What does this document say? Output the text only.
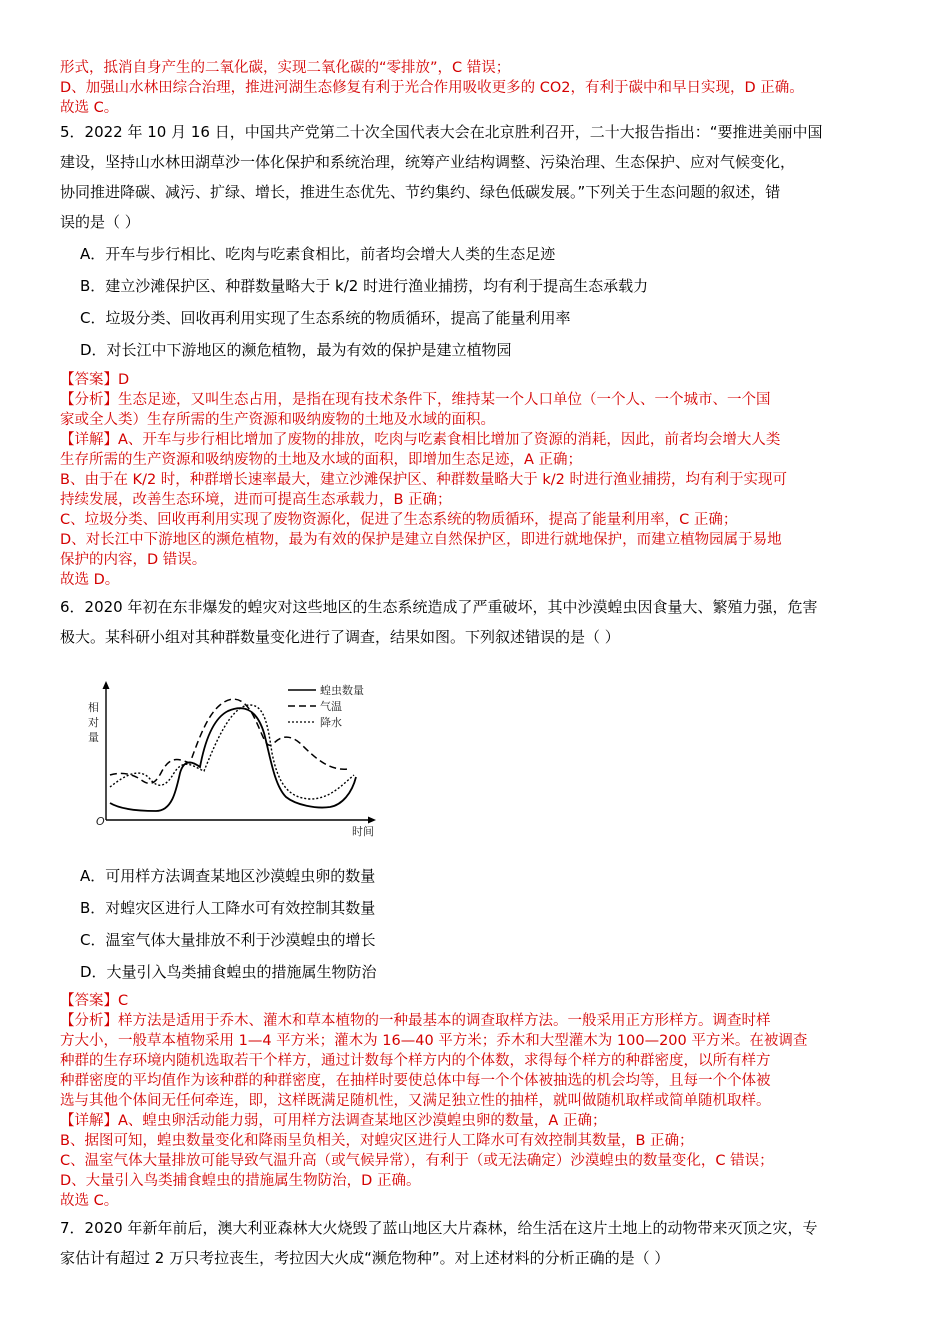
形式，抵消自身产生的二氧化碳，实现二氧化碳的“零排放”，C 错误；

D、加强山水林田综合治理，推进河湖生态修复有利于光合作用吸收更多的 CO2，有利于碳中和早日实现，D 正确。

故选 C。

5．2022 年 10 月 16 日，中国共产党第二十次全国代表大会在北京胜利召开，二十大报告指出：“要推进美丽中国

建设，坚持山水林田湖草沙一体化保护和系统治理，统筹产业结构调整、污染治理、生态保护、应对气候变化，

协同推进降碳、减污、扩绿、增长，推进生态优先、节约集约、绿色低碳发展。”下列关于生态问题的叙述，错

误的是（ ）

A．开车与步行相比、吃肉与吃素食相比，前者均会增大人类的生态足迹

B．建立沙滩保护区、种群数量略大于 k/2 时进行渔业捕捞，均有利于提高生态承载力

C．垃圾分类、回收再利用实现了生态系统的物质循环，提高了能量利用率

D．对长江中下游地区的濒危植物，最为有效的保护是建立植物园

【答案】D

【分析】生态足迹，又叫生态占用，是指在现有技术条件下，维持某一个人口单位（一个人、一个城市、一个国

家或全人类）生存所需的生产资源和吸纳废物的土地及水域的面积。

【详解】A、开车与步行相比增加了废物的排放，吃肉与吃素食相比增加了资源的消耗，因此，前者均会增大人类

生存所需的生产资源和吸纳废物的土地及水域的面积，即增加生态足迹，A 正确；

B、由于在 K/2 时，种群增长速率最大，建立沙滩保护区、种群数量略大于 k/2 时进行渔业捕捞，均有利于实现可

持续发展，改善生态环境，进而可提高生态承载力，B 正确；

C、垃圾分类、回收再利用实现了废物资源化，促进了生态系统的物质循环，提高了能量利用率，C 正确；

D、对长江中下游地区的濒危植物，最为有效的保护是建立自然保护区，即进行就地保护，而建立植物园属于易地

保护的内容，D 错误。

故选 D。

6．2020 年初在东非爆发的蝗灾对这些地区的生态系统造成了严重破坏，其中沙漠蝗虫因食量大、繁殖力强，危害

极大。某科研小组对其种群数量变化进行了调查，结果如图。下列叙述错误的是（ ）

相
对
量
O
时间
蝗虫数量
气温
降水

A．可用样方法调查某地区沙漠蝗虫卵的数量

B．对蝗灾区进行人工降水可有效控制其数量

C．温室气体大量排放不利于沙漠蝗虫的增长

D．大量引入鸟类捕食蝗虫的措施属生物防治

【答案】C

【分析】样方法是适用于乔木、灌木和草本植物的一种最基本的调查取样方法。一般采用正方形样方。调查时样

方大小，一般草本植物采用 1—4 平方米；灌木为 16—40 平方米；乔木和大型灌木为 100—200 平方米。在被调查

种群的生存环境内随机选取若干个样方，通过计数每个样方内的个体数，求得每个样方的种群密度，以所有样方

种群密度的平均值作为该种群的种群密度，在抽样时要使总体中每一个个体被抽选的机会均等，且每一个个体被

选与其他个体间无任何牵连，即，这样既满足随机性，又满足独立性的抽样，就叫做随机取样或简单随机取样。

【详解】A、蝗虫卵活动能力弱，可用样方法调查某地区沙漠蝗虫卵的数量，A 正确；

B、据图可知，蝗虫数量变化和降雨呈负相关，对蝗灾区进行人工降水可有效控制其数量，B 正确；

C、温室气体大量排放可能导致气温升高（或气候异常），有利于（或无法确定）沙漠蝗虫的数量变化，C 错误；

D、大量引入鸟类捕食蝗虫的措施属生物防治，D 正确。

故选 C。

7．2020 年新年前后，澳大利亚森林大火烧毁了蓝山地区大片森林，给生活在这片土地上的动物带来灭顶之灾，专

家估计有超过 2 万只考拉丧生，考拉因大火成“濒危物种”。对上述材料的分析正确的是（ ）
